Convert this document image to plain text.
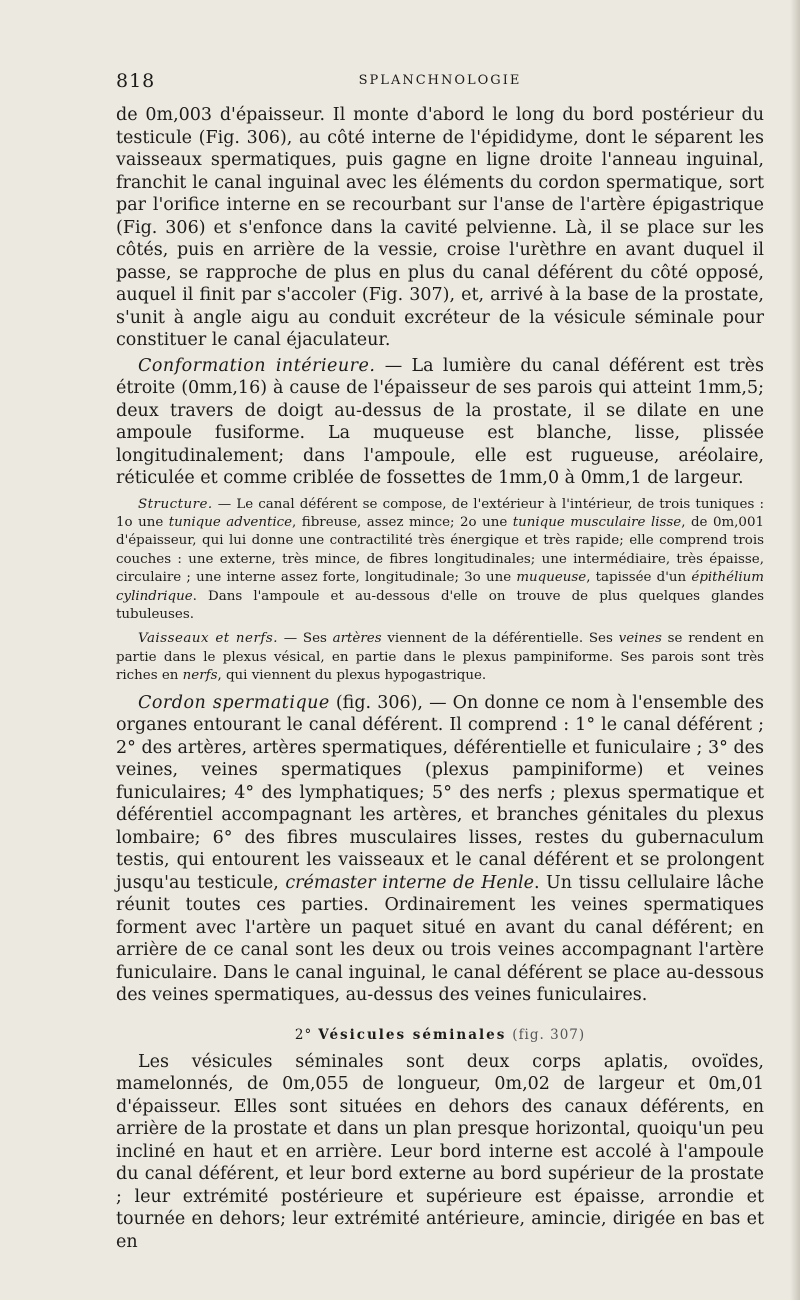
818	SPLANCHNOLOGIE

de 0m,003 d'épaisseur. Il monte d'abord le long du bord postérieur du testicule (Fig. 306), au côté interne de l'épididyme, dont le séparent les vaisseaux spermatiques, puis gagne en ligne droite l'anneau inguinal, franchit le canal inguinal avec les éléments du cordon spermatique, sort par l'orifice interne en se recourbant sur l'anse de l'artère épigastrique (Fig. 306) et s'enfonce dans la cavité pelvienne. Là, il se place sur les côtés, puis en arrière de la vessie, croise l'urèthre en avant duquel il passe, se rapproche de plus en plus du canal déférent du côté opposé, auquel il finit par s'accoler (Fig. 307), et, arrivé à la base de la prostate, s'unit à angle aigu au conduit excréteur de la vésicule séminale pour constituer le canal éjaculateur.

Conformation intérieure. — La lumière du canal déférent est très étroite (0mm,16) à cause de l'épaisseur de ses parois qui atteint 1mm,5; deux travers de doigt au-dessus de la prostate, il se dilate en une ampoule fusiforme. La muqueuse est blanche, lisse, plissée longitudinalement; dans l'ampoule, elle est rugueuse, aréolaire, réticulée et comme criblée de fossettes de 1mm,0 à 0mm,1 de largeur.

Structure. — Le canal déférent se compose, de l'extérieur à l'intérieur, de trois tuniques : 1o une tunique adventice, fibreuse, assez mince; 2o une tunique musculaire lisse, de 0m,001 d'épaisseur, qui lui donne une contractilité très énergique et très rapide; elle comprend trois couches : une externe, très mince, de fibres longitudinales; une intermédiaire, très épaisse, circulaire ; une interne assez forte, longitudinale; 3o une muqueuse, tapissée d'un épithélium cylindrique. Dans l'ampoule et au-dessous d'elle on trouve de plus quelques glandes tubuleuses.

Vaisseaux et nerfs. — Ses artères viennent de la déférentielle. Ses veines se rendent en partie dans le plexus vésical, en partie dans le plexus pampiniforme. Ses parois sont très riches en nerfs, qui viennent du plexus hypogastrique.

Cordon spermatique (fig. 306), — On donne ce nom à l'ensemble des organes entourant le canal déférent. Il comprend : 1° le canal déférent ; 2° des artères, artères spermatiques, déférentielle et funiculaire ; 3° des veines, veines spermatiques (plexus pampiniforme) et veines funiculaires; 4° des lymphatiques; 5° des nerfs ; plexus spermatique et déférentiel accompagnant les artères, et branches génitales du plexus lombaire; 6° des fibres musculaires lisses, restes du gubernaculum testis, qui entourent les vaisseaux et le canal déférent et se prolongent jusqu'au testicule, crémaster interne de Henle. Un tissu cellulaire lâche réunit toutes ces parties. Ordinairement les veines spermatiques forment avec l'artère un paquet situé en avant du canal déférent; en arrière de ce canal sont les deux ou trois veines accompagnant l'artère funiculaire. Dans le canal inguinal, le canal déférent se place au-dessous des veines spermatiques, au-dessus des veines funiculaires.

2° Vésicules séminales (fig. 307)

Les vésicules séminales sont deux corps aplatis, ovoïdes, mamelonnés, de 0m,055 de longueur, 0m,02 de largeur et 0m,01 d'épaisseur. Elles sont situées en dehors des canaux déférents, en arrière de la prostate et dans un plan presque horizontal, quoiqu'un peu incliné en haut et en arrière. Leur bord interne est accolé à l'ampoule du canal déférent, et leur bord externe au bord supérieur de la prostate ; leur extrémité postérieure et supérieure est épaisse, arrondie et tournée en dehors; leur extrémité antérieure, amincie, dirigée en bas et en
